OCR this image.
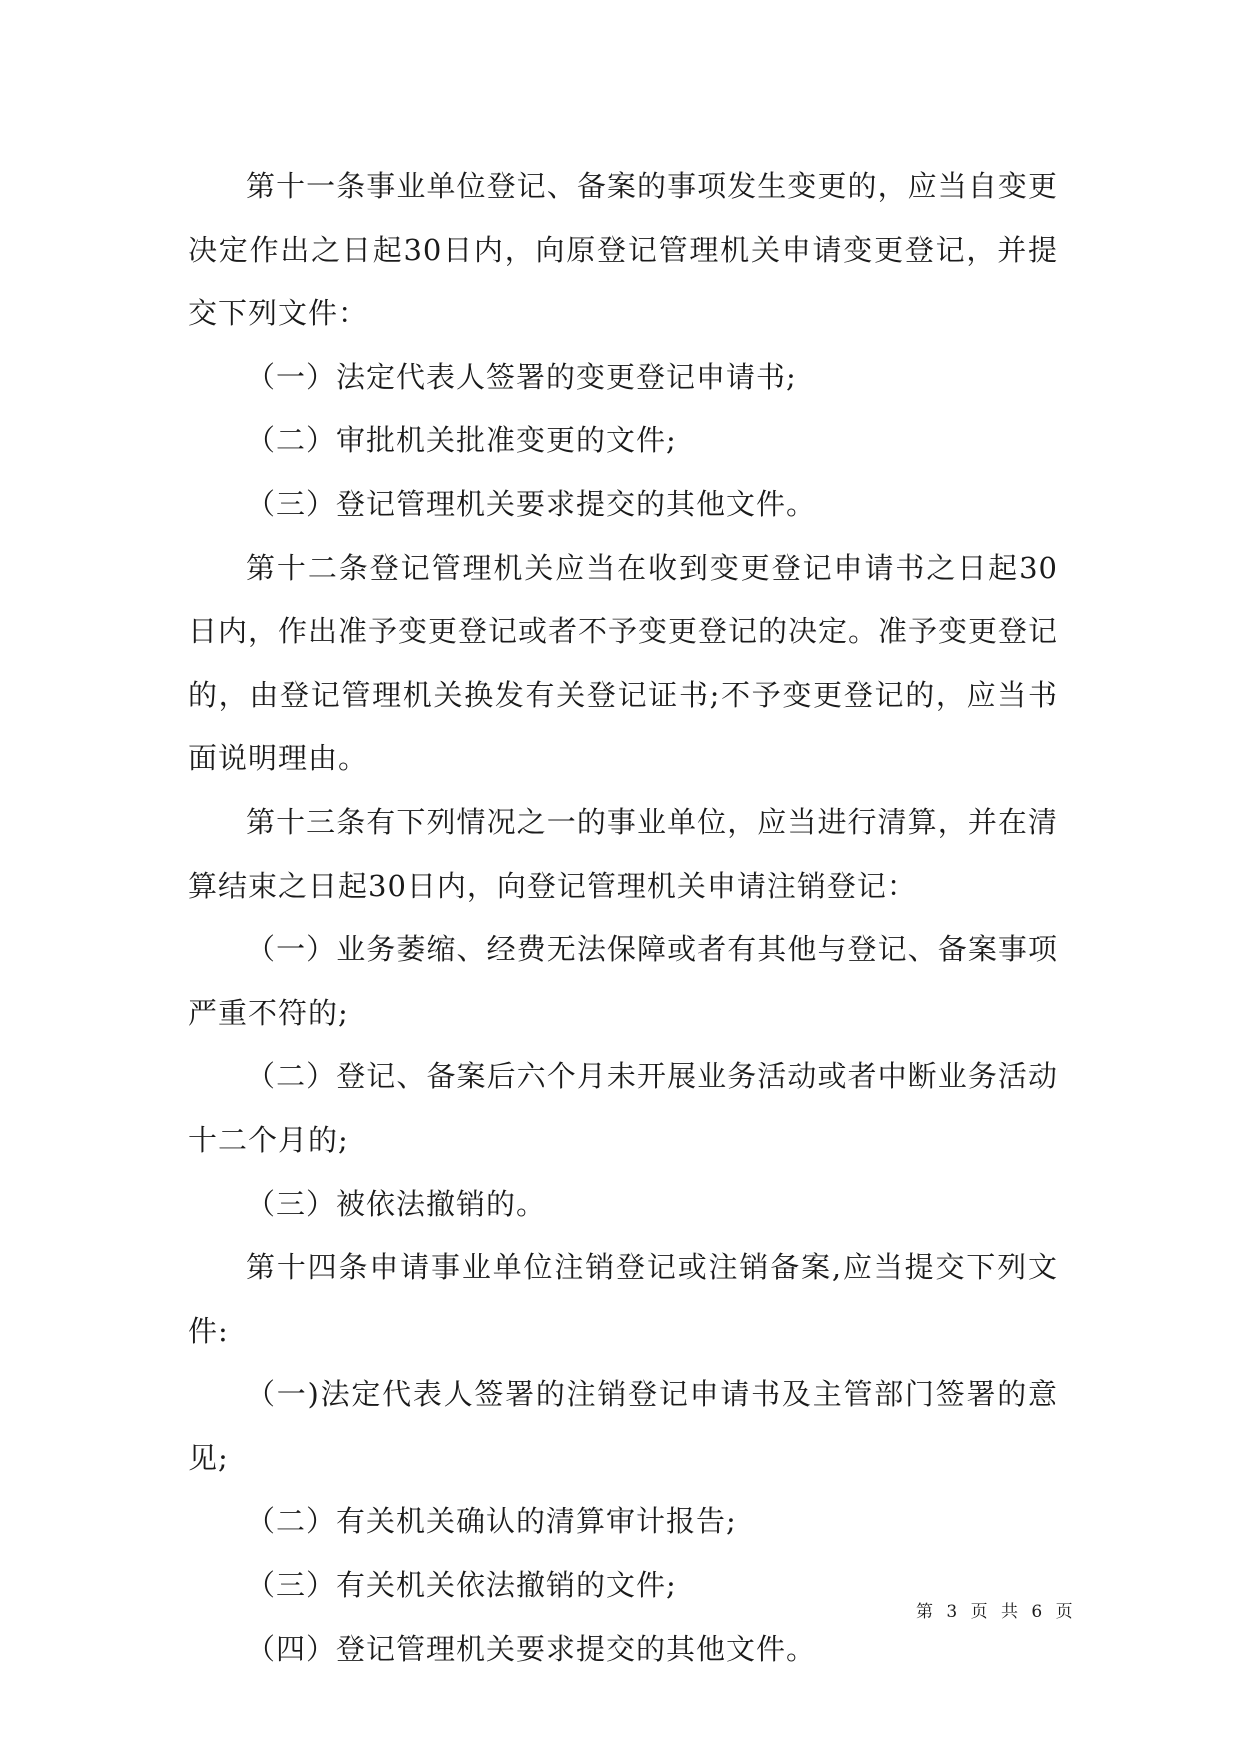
第十一条事业单位登记、备案的事项发生变更的，应当自变更决定作出之日起30日内，向原登记管理机关申请变更登记，并提交下列文件：

（一）法定代表人签署的变更登记申请书;

（二）审批机关批准变更的文件;

（三）登记管理机关要求提交的其他文件。

第十二条登记管理机关应当在收到变更登记申请书之日起30日内，作出准予变更登记或者不予变更登记的决定。准予变更登记的，由登记管理机关换发有关登记证书;不予变更登记的，应当书面说明理由。

第十三条有下列情况之一的事业单位，应当进行清算，并在清算结束之日起30日内，向登记管理机关申请注销登记：

（一）业务萎缩、经费无法保障或者有其他与登记、备案事项严重不符的;

（二）登记、备案后六个月未开展业务活动或者中断业务活动十二个月的;

（三）被依法撤销的。

第十四条申请事业单位注销登记或注销备案,应当提交下列文件:

（一)法定代表人签署的注销登记申请书及主管部门签署的意见;

（二）有关机关确认的清算审计报告;

（三）有关机关依法撤销的文件;

（四）登记管理机关要求提交的其他文件。

第 3 页 共 6 页
